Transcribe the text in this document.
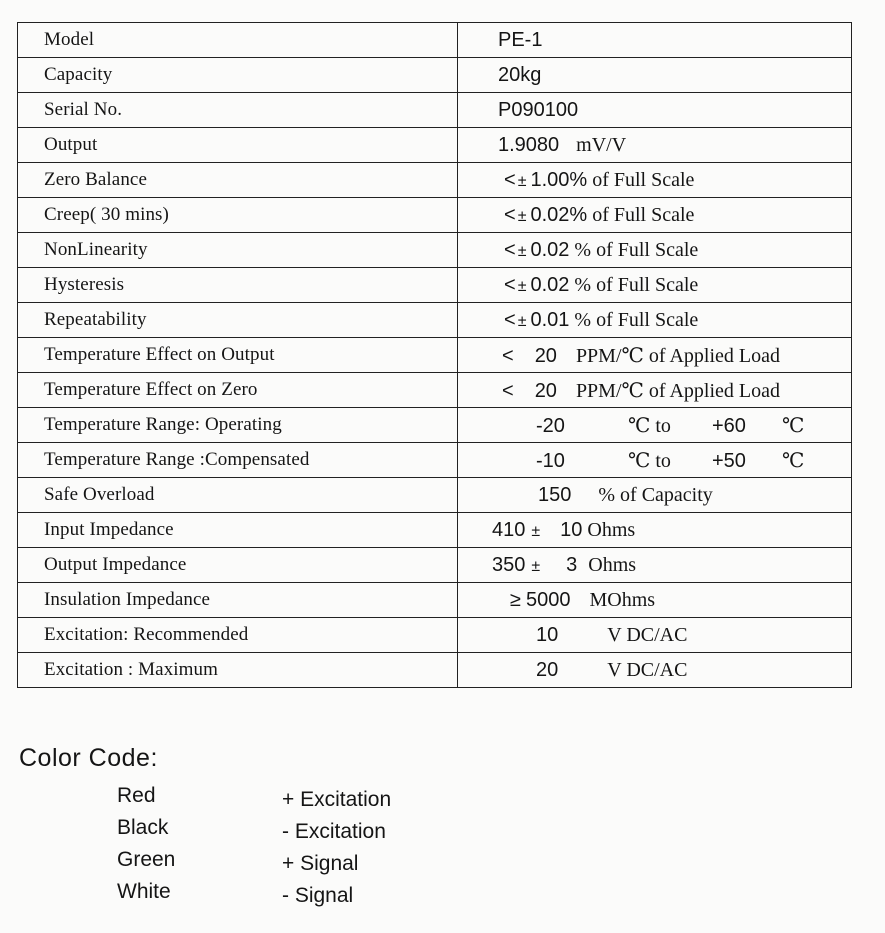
Model	PE-1
Capacity	20kg
Serial No.	P090100
Output	1.9080 mV/V
Zero Balance	< ± 1.00% of Full Scale
Creep( 30 mins)	< ± 0.02% of Full Scale
NonLinearity	< ± 0.02 % of Full Scale
Hysteresis	< ± 0.02 % of Full Scale
Repeatability	< ± 0.01 % of Full Scale
Temperature Effect on Output	< 20 PPM/℃ of Applied Load
Temperature Effect on Zero	< 20 PPM/℃ of Applied Load
Temperature Range: Operating	-20 ℃ to +60 ℃
Temperature Range :Compensated	-10 ℃ to +50 ℃
Safe Overload	150 % of Capacity
Input Impedance	410 ± 10 Ohms
Output Impedance	350 ± 3 Ohms
Insulation Impedance	≥ 5000 MOhms
Excitation: Recommended	10 V DC/AC
Excitation : Maximum	20 V DC/AC
Color Code:
Red	+ Excitation
Black	- Excitation
Green	+ Signal
White	- Signal
